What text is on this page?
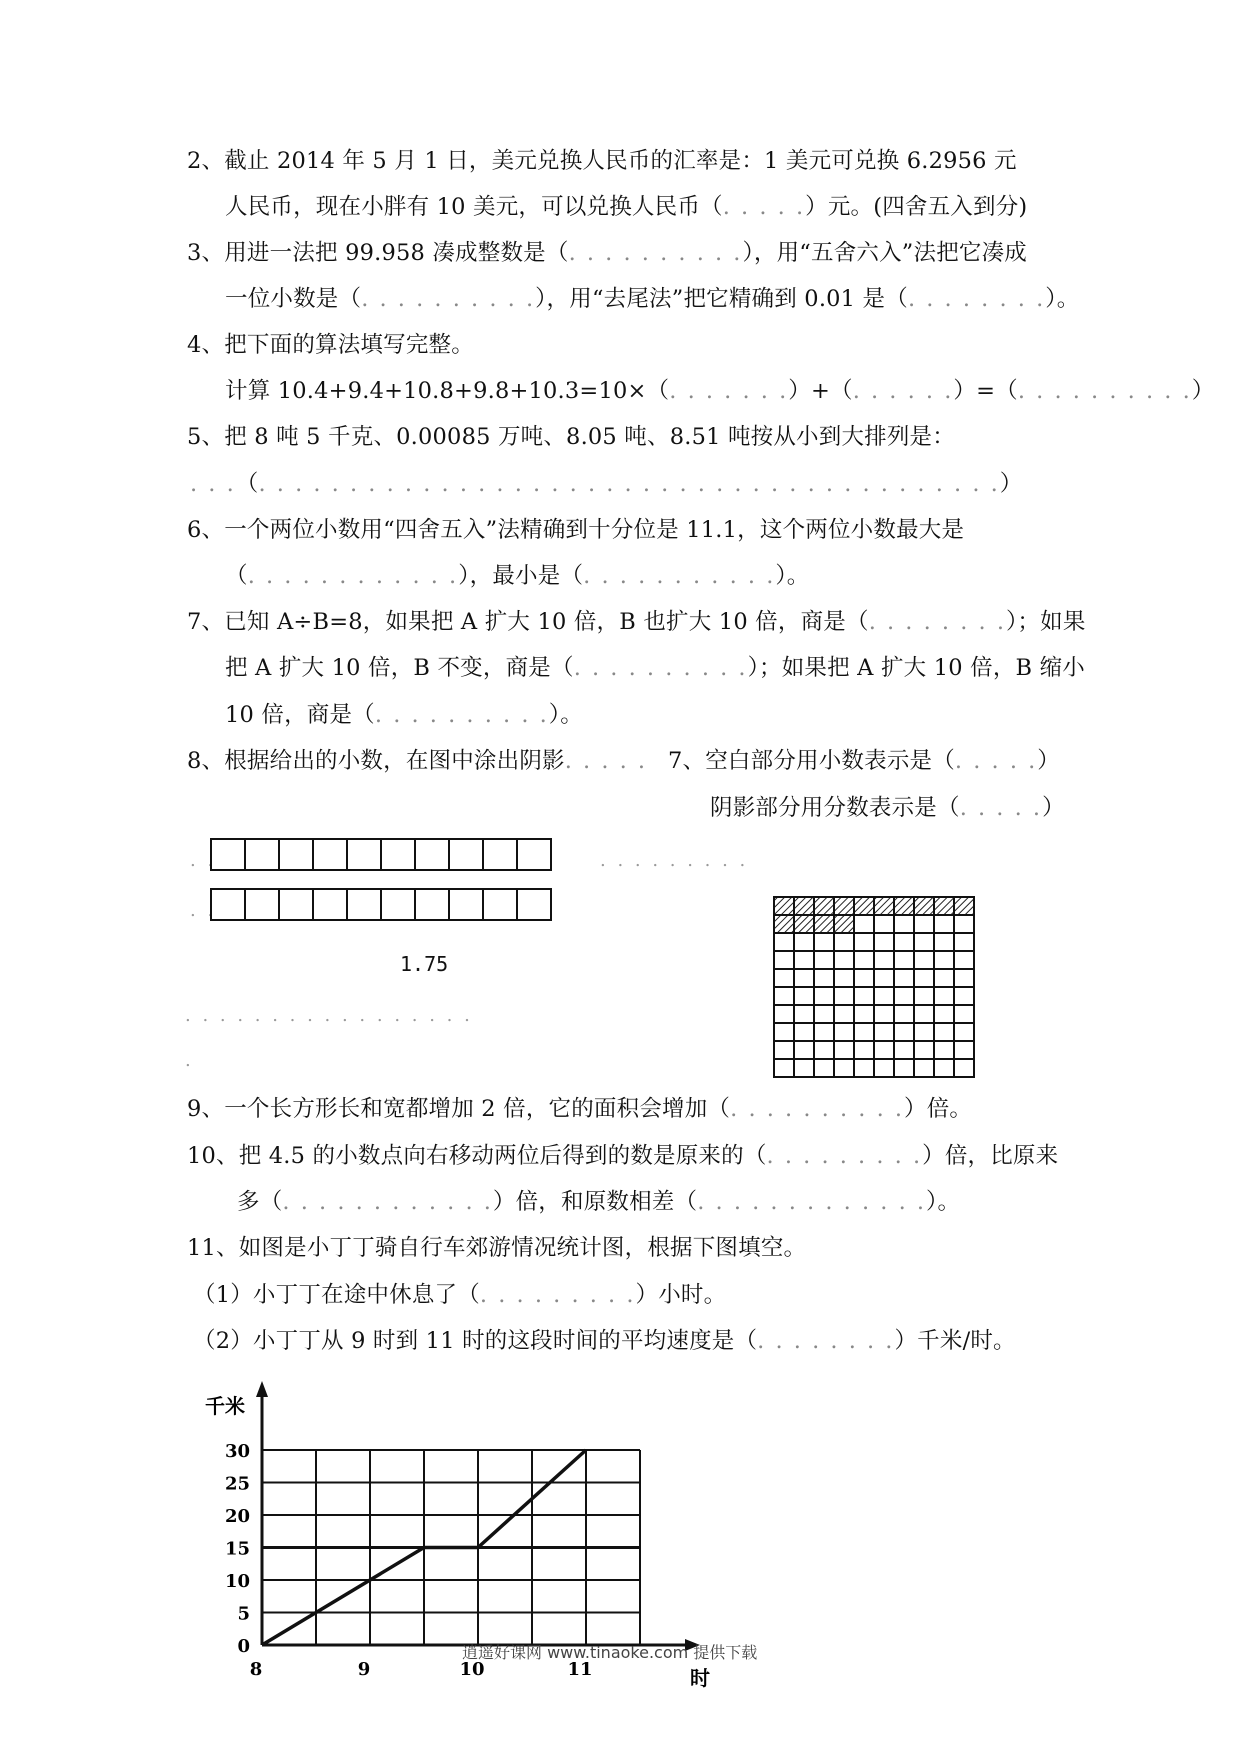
2、截止 2014 年 5 月 1 日，美元兑换人民币的汇率是：1 美元可兑换 6.2956 元
人民币，现在小胖有 10 美元，可以兑换人民币（. . . . .）元。(四舍五入到分)
3、用进一法把 99.958 凑成整数是（. . . . . . . . . .），用“五舍六入”法把它凑成
一位小数是（. . . . . . . . . .），用“去尾法”把它精确到 0.01 是（. . . . . . . .）。
4、把下面的算法填写完整。
计算 10.4+9.4+10.8+9.8+10.3=10×（. . . . . . .）+（. . . . . .）=（. . . . . . . . . .）
5、把 8 吨 5 千克、0.00085 万吨、8.05 吨、8.51 吨按从小到大排列是：
. . .（. . . . . . . . . . . . . . . . . . . . . . . . . . . . . . . . . . . . . . . . .）
6、一个两位小数用“四舍五入”法精确到十分位是 11.1，这个两位小数最大是
（. . . . . . . . . . . .），最小是（. . . . . . . . . . .）。
7、已知 A÷B=8，如果把 A 扩大 10 倍，B 也扩大 10 倍，商是（. . . . . . . .）；如果
把 A 扩大 10 倍，B 不变，商是（. . . . . . . . . .）；如果把 A 扩大 10 倍，B 缩小
10 倍，商是（. . . . . . . . . .）。
8、根据给出的小数，在图中涂出阴影. . . . . 7、空白部分用小数表示是（. . . . .）
阴影部分用分数表示是（. . . . .）
. .	. . . . . . . . .
. .
1.75
. . . . . . . . . . . . . . . . .
.
9、一个长方形长和宽都增加 2 倍，它的面积会增加（. . . . . . . . . .）倍。
10、把 4.5 的小数点向右移动两位后得到的数是原来的（. . . . . . . . .）倍，比原来
多（. . . . . . . . . . . .）倍，和原数相差（. . . . . . . . . . . . .）。
11、如图是小丁丁骑自行车郊游情况统计图，根据下图填空。
（1）小丁丁在途中休息了（. . . . . . . . .）小时。
（2）小丁丁从 9 时到 11 时的这段时间的平均速度是（. . . . . . . .）千米/时。
千米
时
0
5
10
15
20
25
30
8	9	10	11
逍遥好课网 www.tinaoke.com 提供下载
